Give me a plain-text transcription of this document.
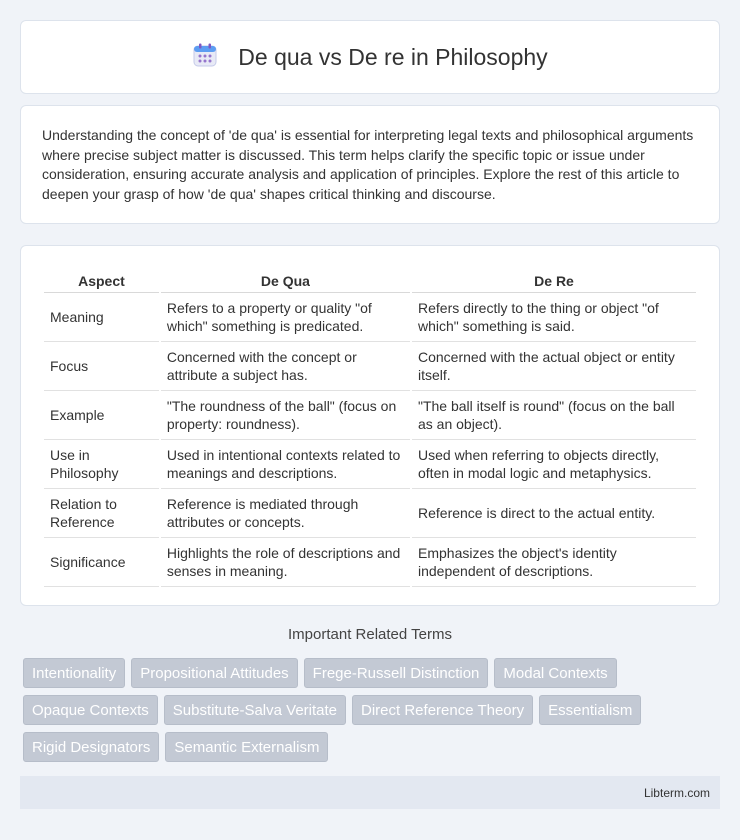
De qua vs De re in Philosophy

Understanding the concept of 'de qua' is essential for interpreting legal texts and philosophical arguments where precise subject matter is discussed. This term helps clarify the specific topic or issue under consideration, ensuring accurate analysis and application of principles. Explore the rest of this article to deepen your grasp of how 'de qua' shapes critical thinking and discourse.

Aspect	De Qua	De Re
Meaning	Refers to a property or quality "of which" something is predicated.	Refers directly to the thing or object "of which" something is said.
Focus	Concerned with the concept or attribute a subject has.	Concerned with the actual object or entity itself.
Example	"The roundness of the ball" (focus on property: roundness).	"The ball itself is round" (focus on the ball as an object).
Use in Philosophy	Used in intentional contexts related to meanings and descriptions.	Used when referring to objects directly, often in modal logic and metaphysics.
Relation to Reference	Reference is mediated through attributes or concepts.	Reference is direct to the actual entity.
Significance	Highlights the role of descriptions and senses in meaning.	Emphasizes the object's identity independent of descriptions.
Important Related Terms
Intentionality	Propositional Attitudes	Frege-Russell Distinction	Modal Contexts
Opaque Contexts	Substitute-Salva Veritate	Direct Reference Theory	Essentialism
Rigid Designators	Semantic Externalism
Libterm.com
